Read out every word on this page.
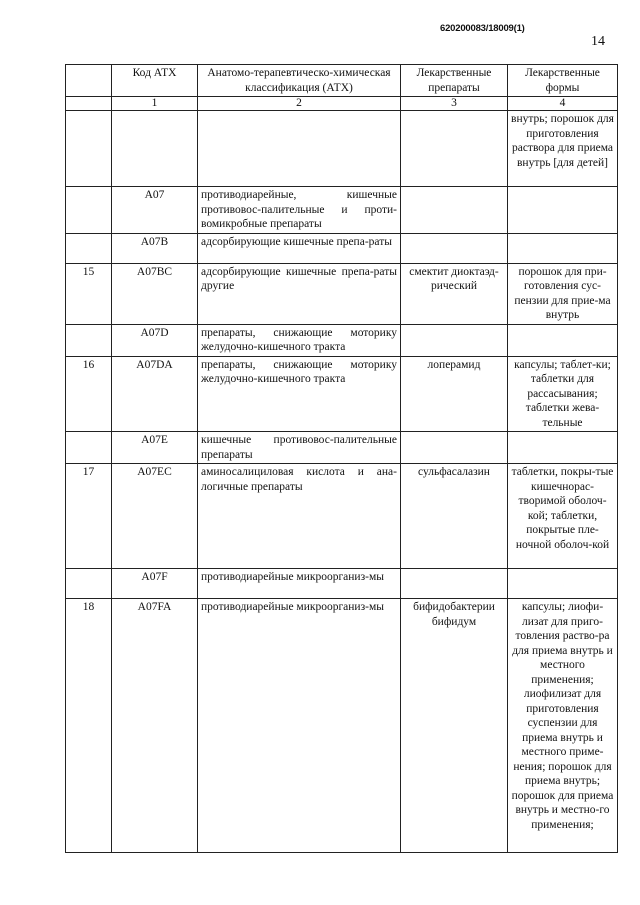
620200083/18009(1)
14
	Код АТХ	Анатомо-терапевтическо-химическая классификация (АТХ)	Лекарственные препараты	Лекарственные формы
	1	2	3	4
				внутрь; порошок для приготовления раствора для приема внутрь [для детей]
	A07	противодиарейные, кишечные противовос-палительные и проти-вомикробные препараты		
	A07B	адсорбирующие кишечные препа-раты		
15	A07BC	адсорбирующие кишечные препа-раты другие	смектит диоктаэд-рический	порошок для при-готовления сус-пензии для прие-ма внутрь
	A07D	препараты, снижающие моторику желудочно-кишечного тракта		
16	A07DA	препараты, снижающие моторику желудочно-кишечного тракта	лоперамид	капсулы; таблет-ки; таблетки для рассасывания; таблетки жева-тельные
	A07E	кишечные противовос-палительные препараты		
17	A07EC	аминосалициловая кислота и ана-логичные препараты	сульфасалазин	таблетки, покры-тые кишечнорас-творимой оболоч-кой; таблетки, покрытые пле-ночной оболоч-кой
	A07F	противодиарейные микроорганиз-мы		
18	A07FA	противодиарейные микроорганиз-мы	бифидобактерии бифидум	капсулы; лиофи-лизат для приго-товления раство-ра для приема внутрь и местного применения; лиофилизат для приготовления суспензии для приема внутрь и местного приме-нения; порошок для приема внутрь; порошок для приема внутрь и местно-го применения;
